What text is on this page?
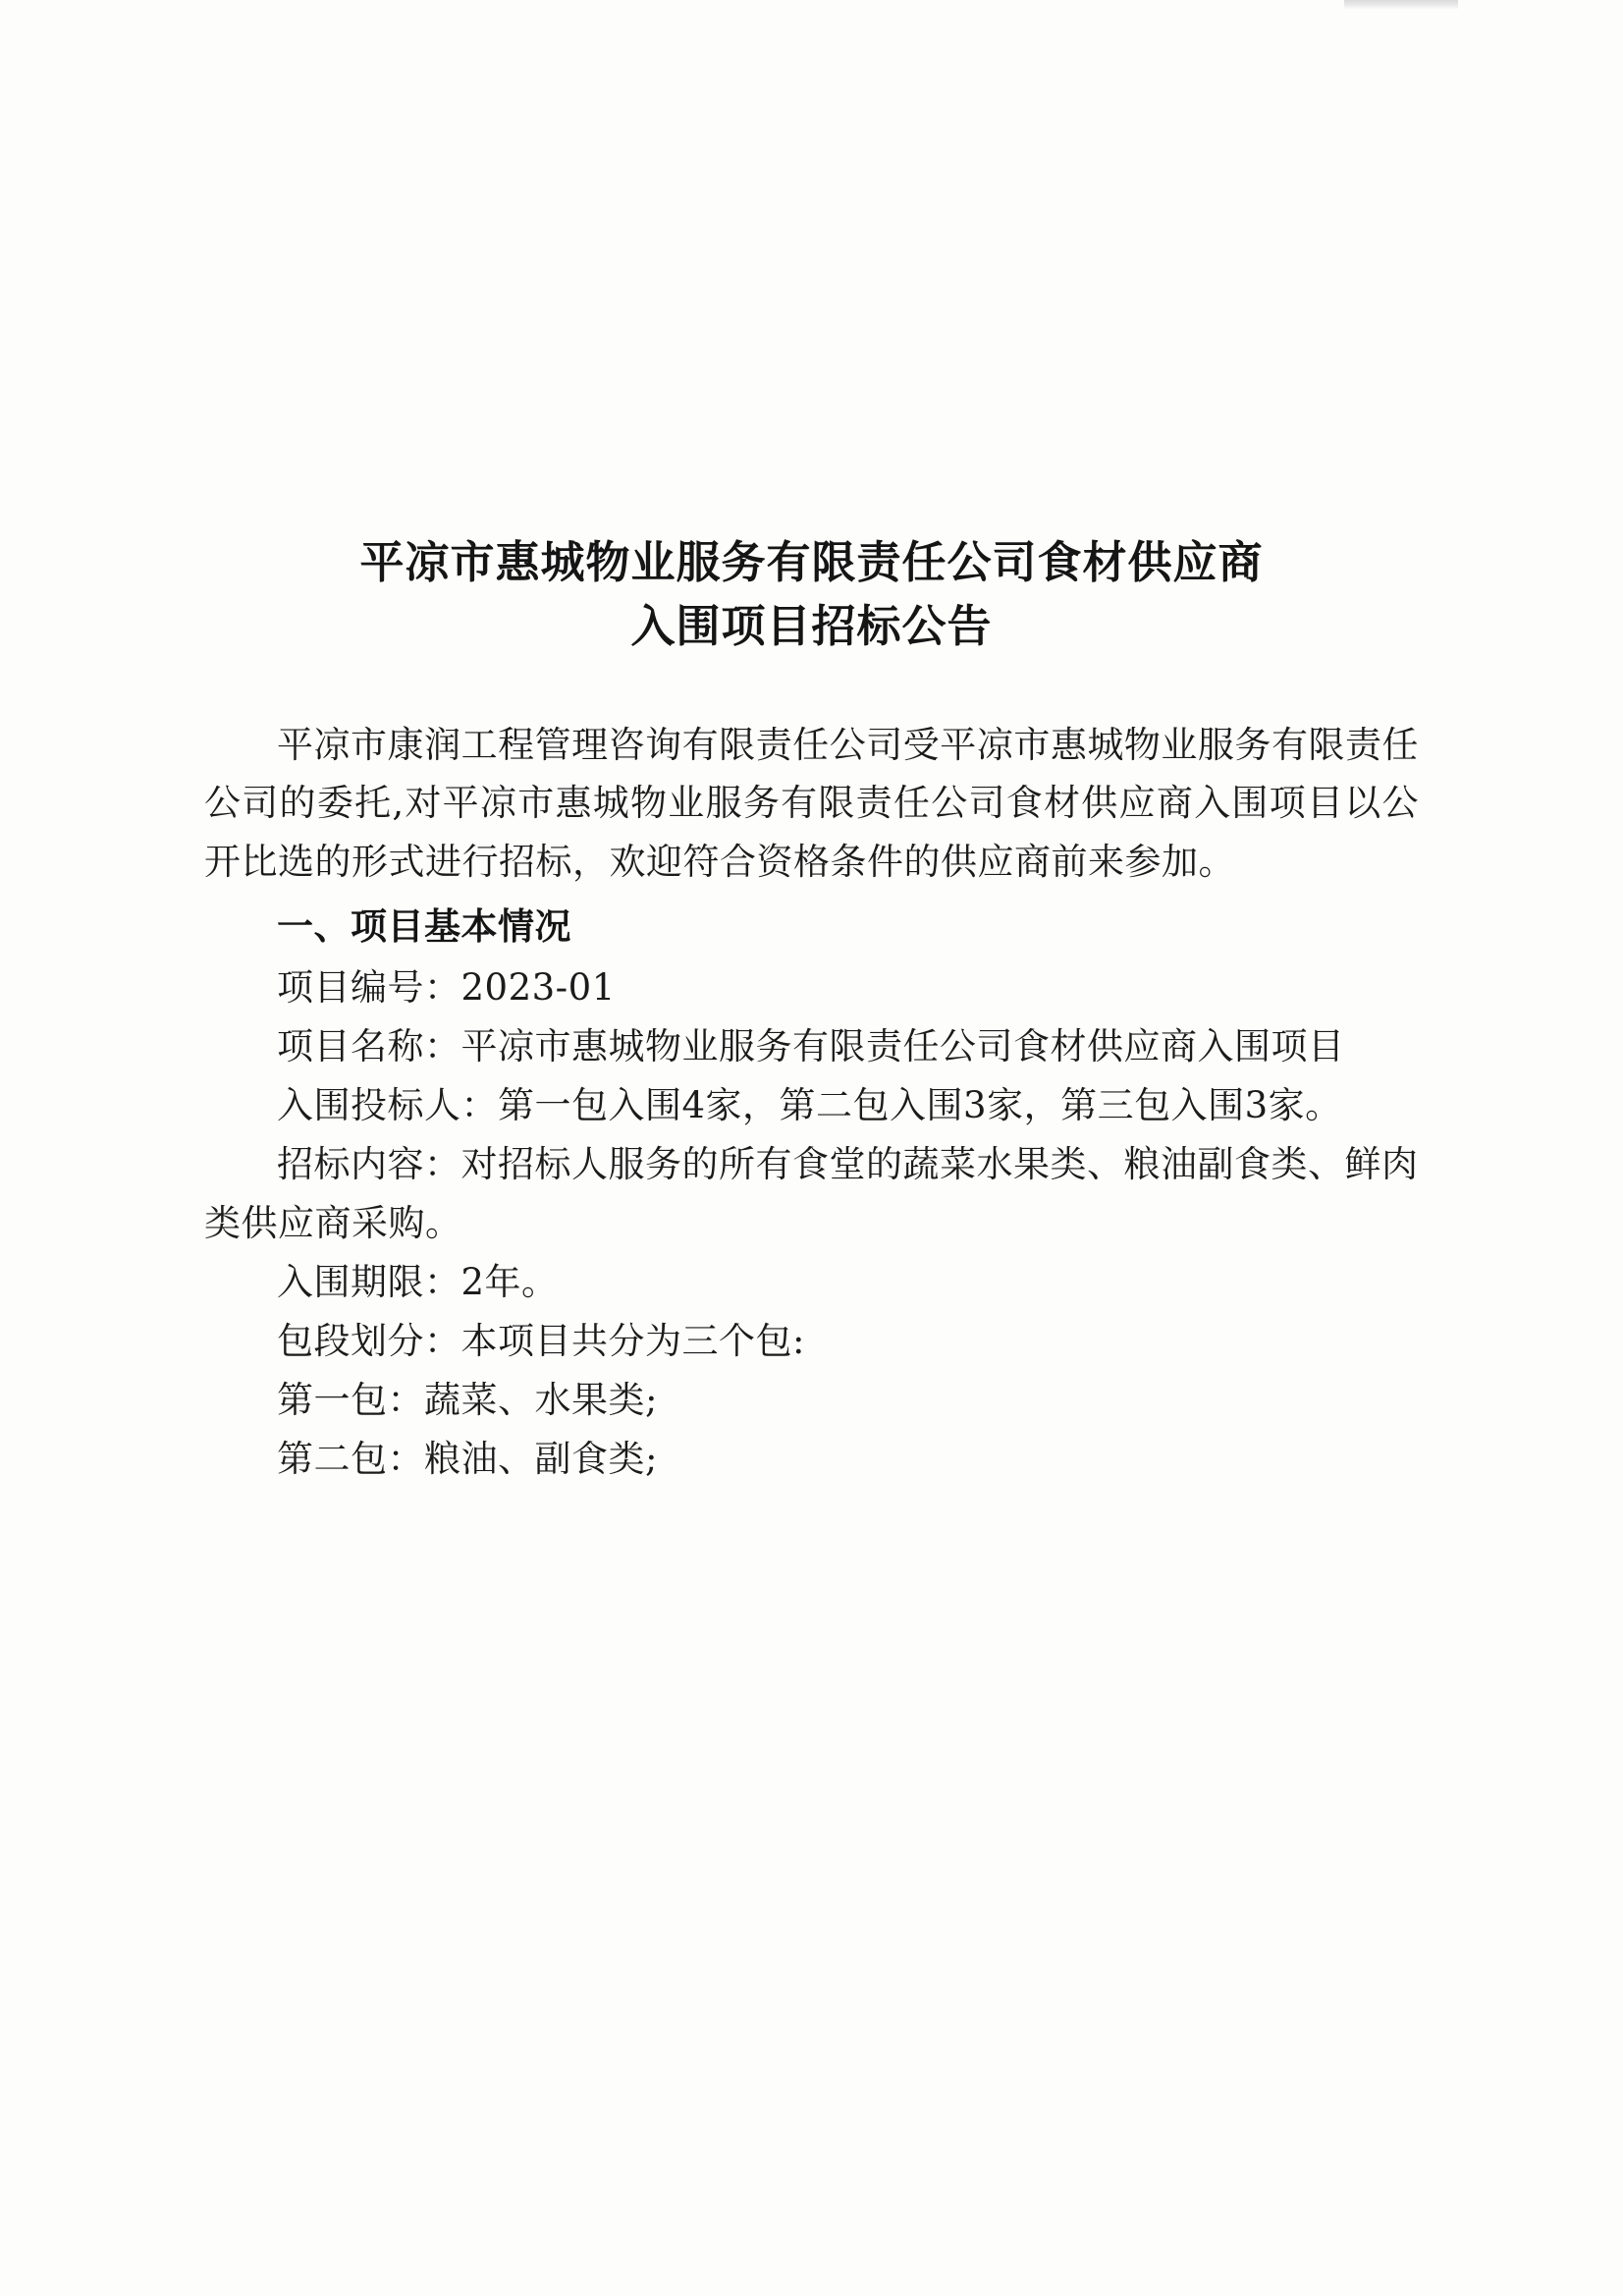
平凉市惠城物业服务有限责任公司食材供应商
入围项目招标公告

平凉市康润工程管理咨询有限责任公司受平凉市惠城物业服务有限责任公司的委托,对平凉市惠城物业服务有限责任公司食材供应商入围项目以公开比选的形式进行招标，欢迎符合资格条件的供应商前来参加。

一、项目基本情况

项目编号：2023-01

项目名称：平凉市惠城物业服务有限责任公司食材供应商入围项目

入围投标人：第一包入围4家，第二包入围3家，第三包入围3家。

招标内容：对招标人服务的所有食堂的蔬菜水果类、粮油副食类、鲜肉类供应商采购。

入围期限：2年。

包段划分：本项目共分为三个包:

第一包：蔬菜、水果类;

第二包：粮油、副食类;
